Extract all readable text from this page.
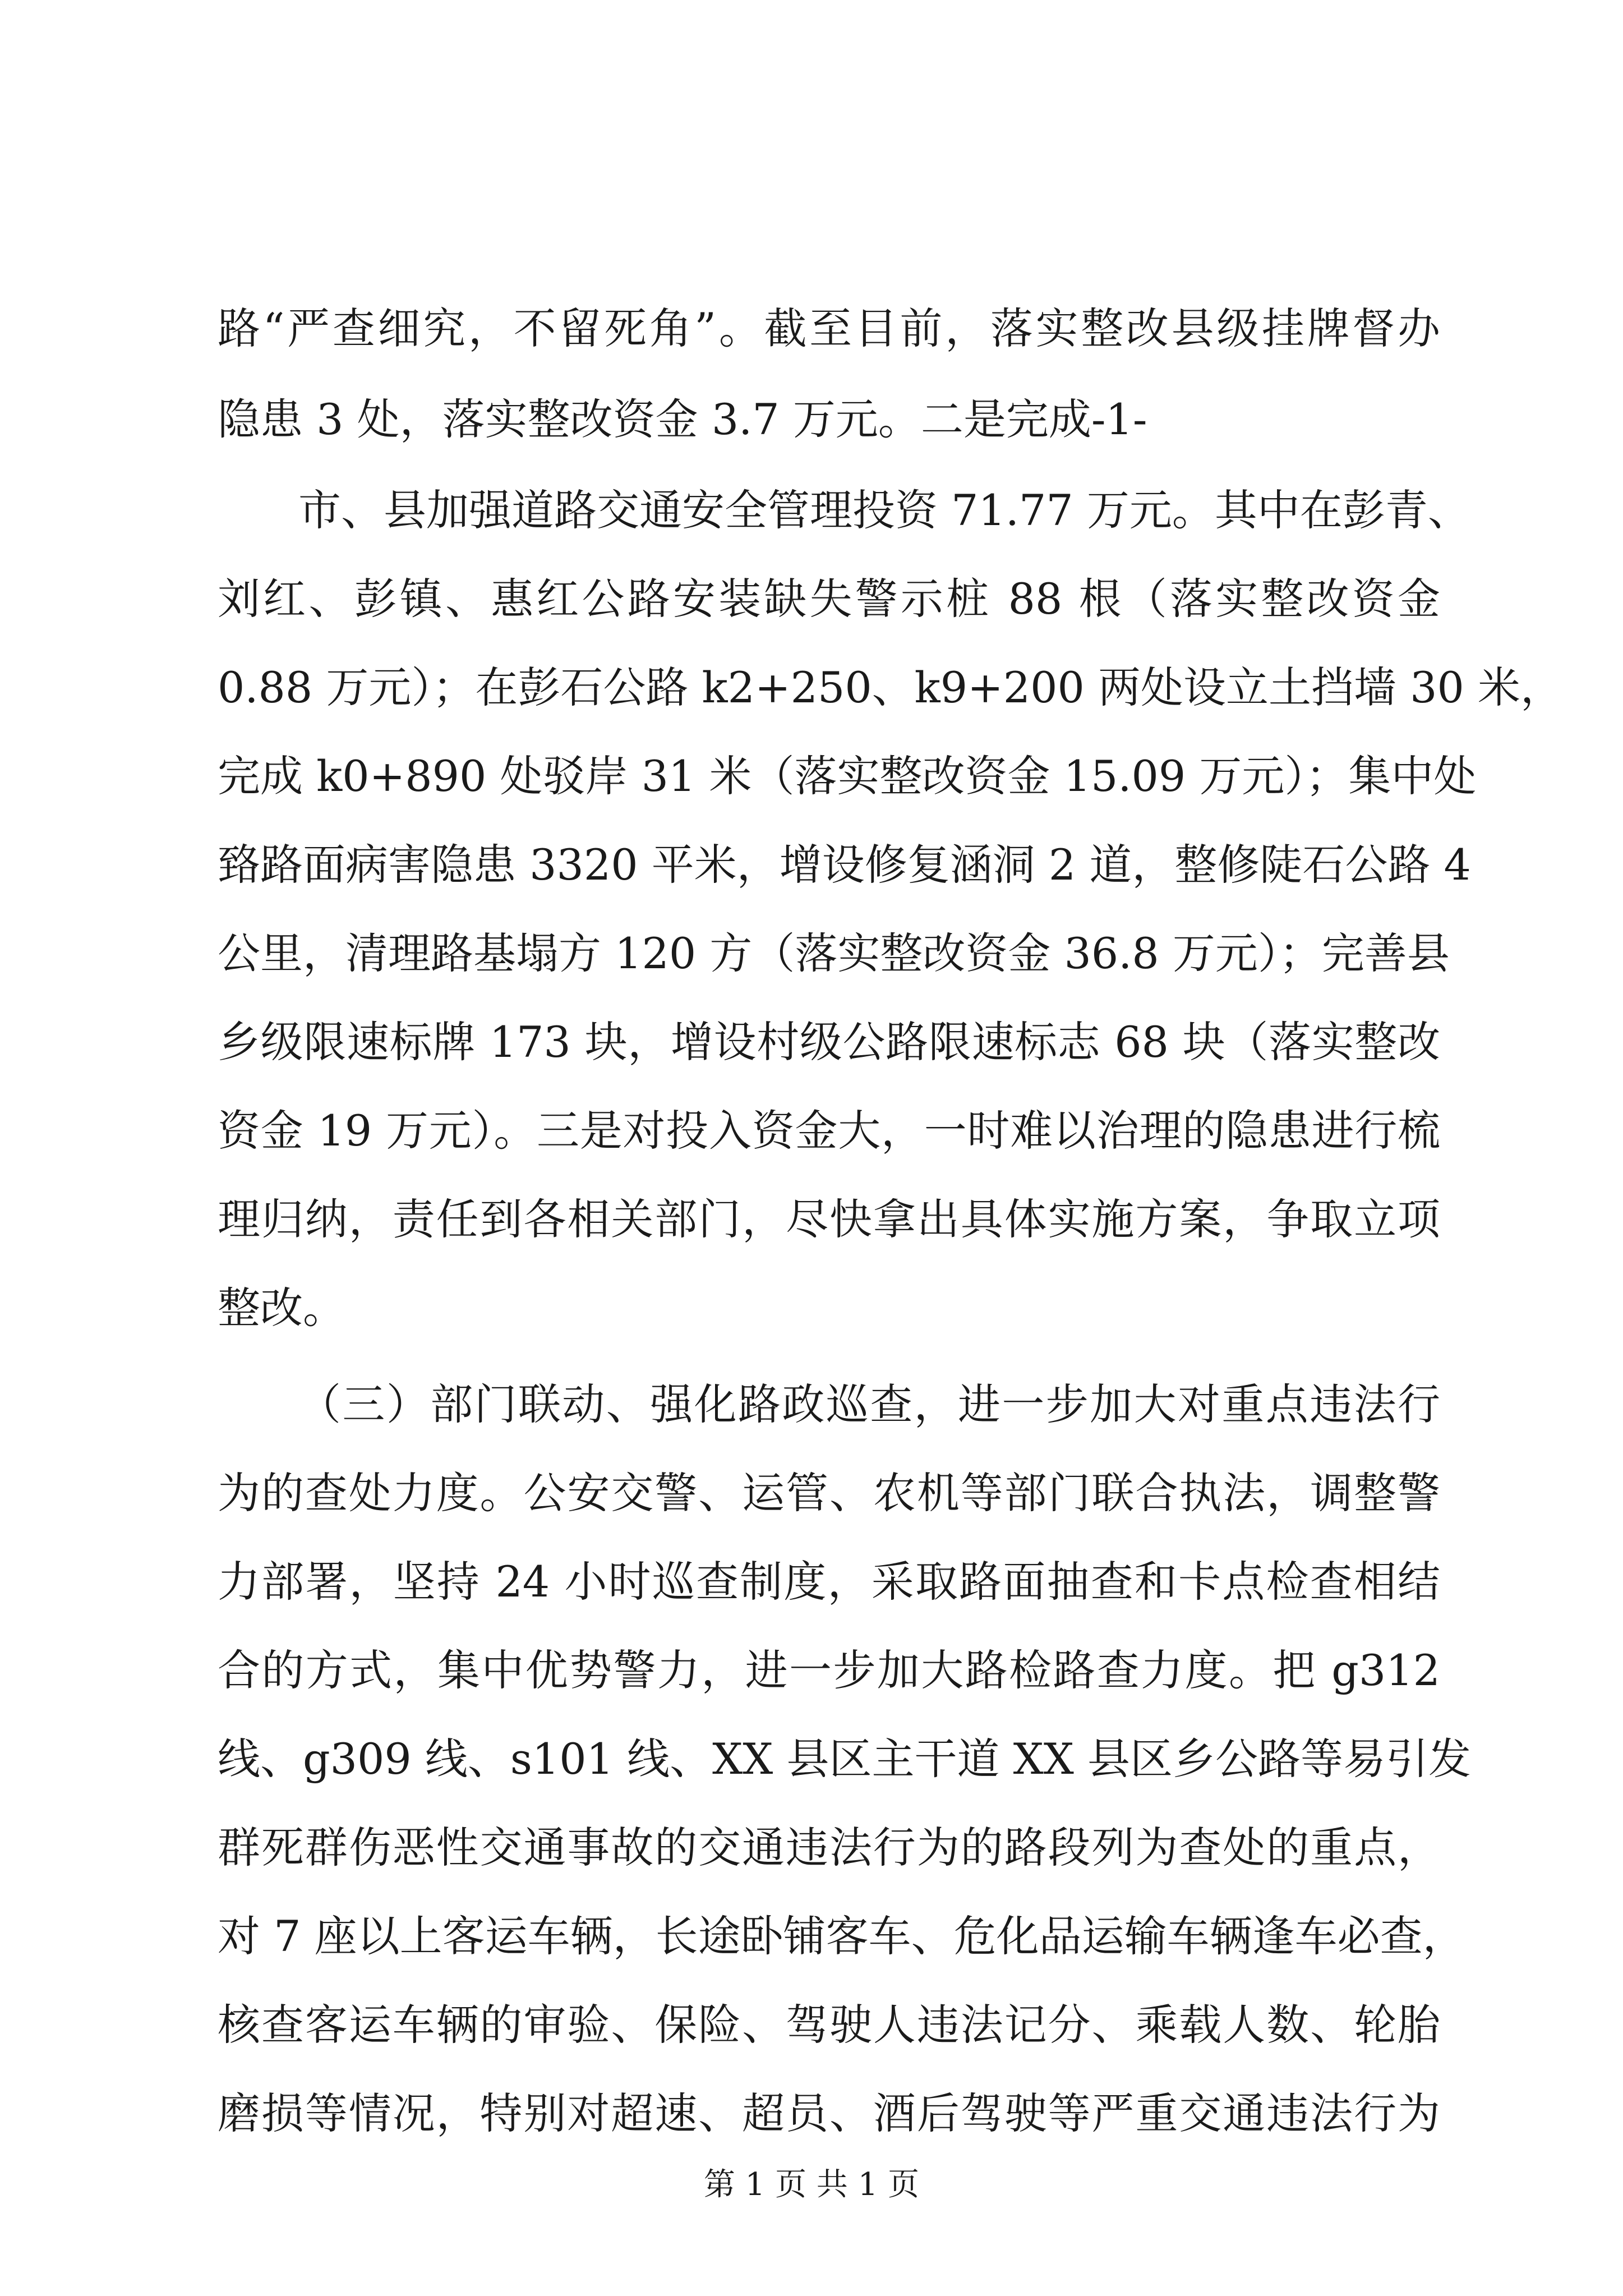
路“严查细究，不留死角”。截至目前，落实整改县级挂牌督办
隐患 3 处，落实整改资金 3.7 万元。二是完成-1-
市、县加强道路交通安全管理投资 71.77 万元。其中在彭青、
刘红、彭镇、惠红公路安装缺失警示桩 88 根（落实整改资金
0.88 万元）；在彭石公路 k2+250、k9+200 两处设立土挡墙 30 米，
完成 k0+890 处驳岸 31 米（落实整改资金 15.09 万元）；集中处
臵路面病害隐患 3320 平米，增设修复涵洞 2 道，整修陡石公路 4
公里，清理路基塌方 120 方（落实整改资金 36.8 万元）；完善县
乡级限速标牌 173 块，增设村级公路限速标志 68 块（落实整改
资金 19 万元）。三是对投入资金大，一时难以治理的隐患进行梳
理归纳，责任到各相关部门，尽快拿出具体实施方案，争取立项
整改。
（三）部门联动、强化路政巡查，进一步加大对重点违法行
为的查处力度。公安交警、运管、农机等部门联合执法，调整警
力部署，坚持 24 小时巡查制度，采取路面抽查和卡点检查相结
合的方式，集中优势警力，进一步加大路检路查力度。把 g312
线、g309 线、s101 线、XX 县区主干道 XX 县区乡公路等易引发
群死群伤恶性交通事故的交通违法行为的路段列为查处的重点，
对 7 座以上客运车辆，长途卧铺客车、危化品运输车辆逢车必查，
核查客运车辆的审验、保险、驾驶人违法记分、乘载人数、轮胎
磨损等情况，特别对超速、超员、酒后驾驶等严重交通违法行为
第 1 页 共 1 页
